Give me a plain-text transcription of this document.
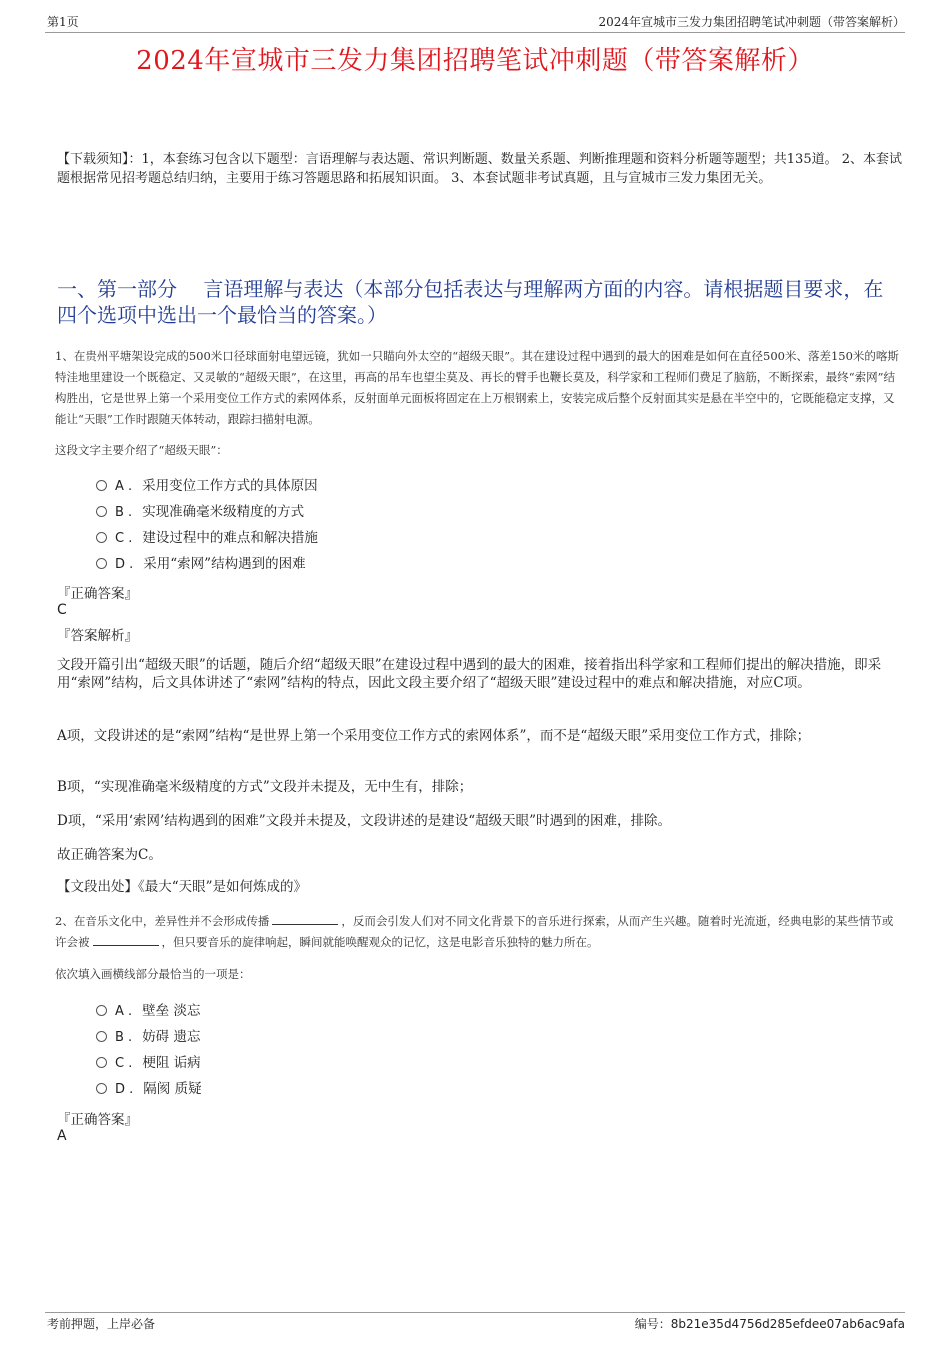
第1页	2024年宣城市三发力集团招聘笔试冲刺题（带答案解析）
2024年宣城市三发力集团招聘笔试冲刺题（带答案解析）
【下载须知】：1，本套练习包含以下题型：言语理解与表达题、常识判断题、数量关系题、判断推理题和资料分析题等题型；共135道。 2、本套试题根据常见招考题总结归纳，主要用于练习答题思路和拓展知识面。 3、本套试题非考试真题，且与宣城市三发力集团无关。
一、第一部分　 言语理解与表达（本部分包括表达与理解两方面的内容。请根据题目要求，在四个选项中选出一个最恰当的答案。）
1、在贵州平塘架设完成的500米口径球面射电望远镜，犹如一只瞄向外太空的“超级天眼”。其在建设过程中遇到的最大的困难是如何在直径500米、落差150米的喀斯特洼地里建设一个既稳定、又灵敏的“超级天眼”，在这里，再高的吊车也望尘莫及、再长的臂手也鞭长莫及，科学家和工程师们费足了脑筋，不断探索，最终“索网”结构胜出，它是世界上第一个采用变位工作方式的索网体系，反射面单元面板将固定在上万根钢索上，安装完成后整个反射面其实是悬在半空中的，它既能稳定支撑，又能让“天眼”工作时跟随天体转动，跟踪扫描射电源。
这段文字主要介绍了“超级天眼”：
A . 采用变位工作方式的具体原因
B . 实现准确毫米级精度的方式
C . 建设过程中的难点和解决措施
D . 采用“索网”结构遇到的困难
『正确答案』
C
『答案解析』
文段开篇引出“超级天眼”的话题，随后介绍“超级天眼”在建设过程中遇到的最大的困难，接着指出科学家和工程师们提出的解决措施，即采用“索网”结构，后文具体讲述了“索网”结构的特点，因此文段主要介绍了“超级天眼”建设过程中的难点和解决措施，对应C项。
A项，文段讲述的是“索网”结构“是世界上第一个采用变位工作方式的索网体系”，而不是“超级天眼”采用变位工作方式，排除；
B项，“实现准确毫米级精度的方式”文段并未提及，无中生有，排除；
D项，“采用‘索网’结构遇到的困难”文段并未提及，文段讲述的是建设“超级天眼”时遇到的困难，排除。
故正确答案为C。
【文段出处】《最大“天眼”是如何炼成的》
2、在音乐文化中，差异性并不会形成传播	，反而会引发人们对不同文化背景下的音乐进行探索，从而产生兴趣。随着时光流逝，经典电影的某些情节或许会被	，但只要音乐的旋律响起，瞬间就能唤醒观众的记忆，这是电影音乐独特的魅力所在。
依次填入画横线部分最恰当的一项是：
A . 壁垒 淡忘
B . 妨碍 遗忘
C . 梗阻 诟病
D . 隔阂 质疑
『正确答案』
A
考前押题，上岸必备	编号：8b21e35d4756d285efdee07ab6ac9afa
